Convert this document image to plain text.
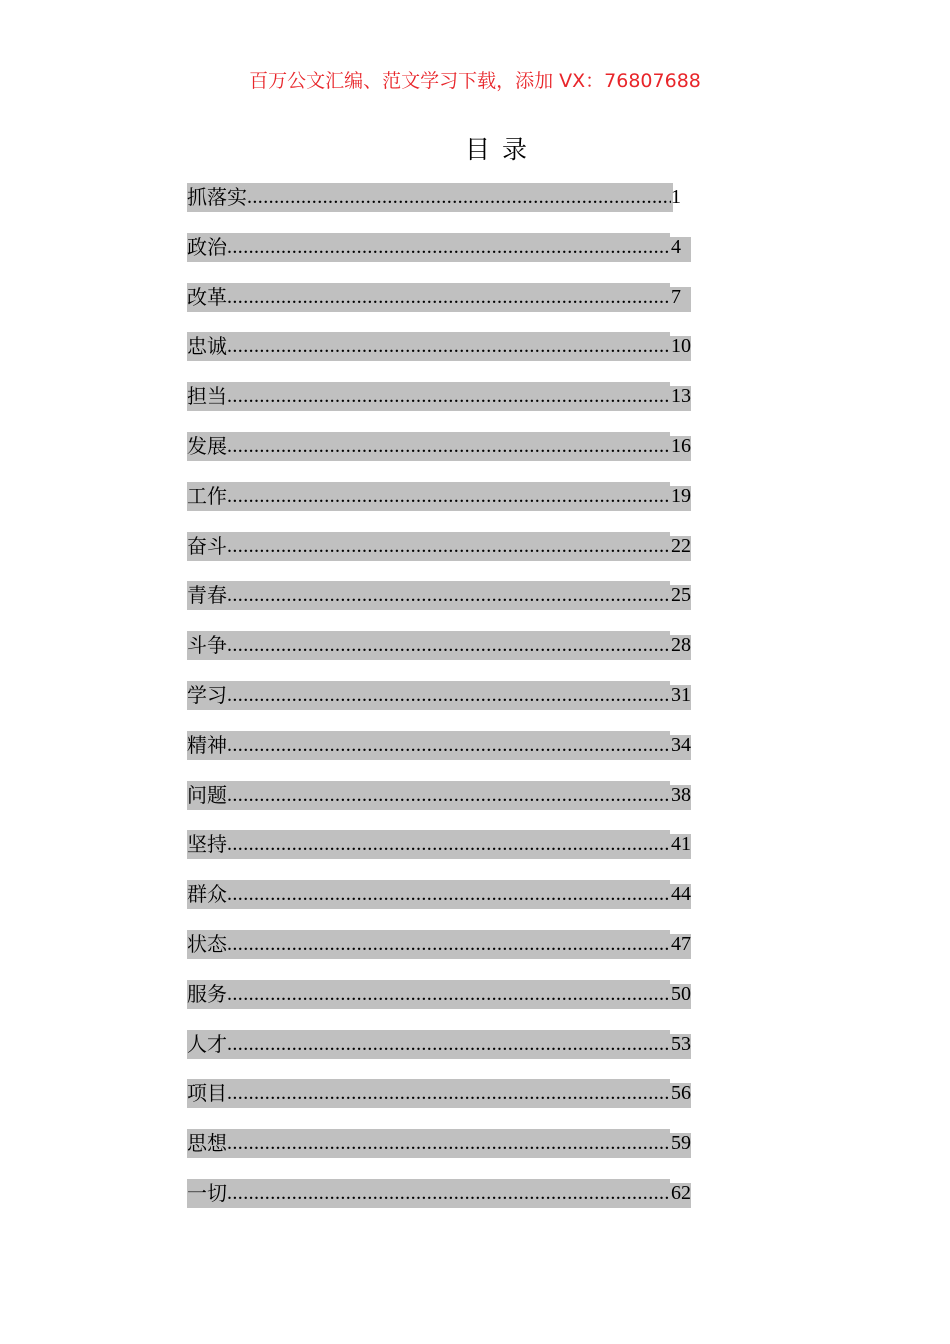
百万公文汇编、范文学习下载，添加 VX：76807688
目录
抓落实 .....	1
政治 .....	4
改革 .....	7
忠诚 .....	10
担当 .....	13
发展 .....	16
工作 .....	19
奋斗 .....	22
青春 .....	25
斗争 .....	28
学习 .....	31
精神 .....	34
问题 .....	38
坚持 .....	41
群众 .....	44
状态 .....	47
服务 .....	50
人才 .....	53
项目 .....	56
思想 .....	59
一切 .....	62
